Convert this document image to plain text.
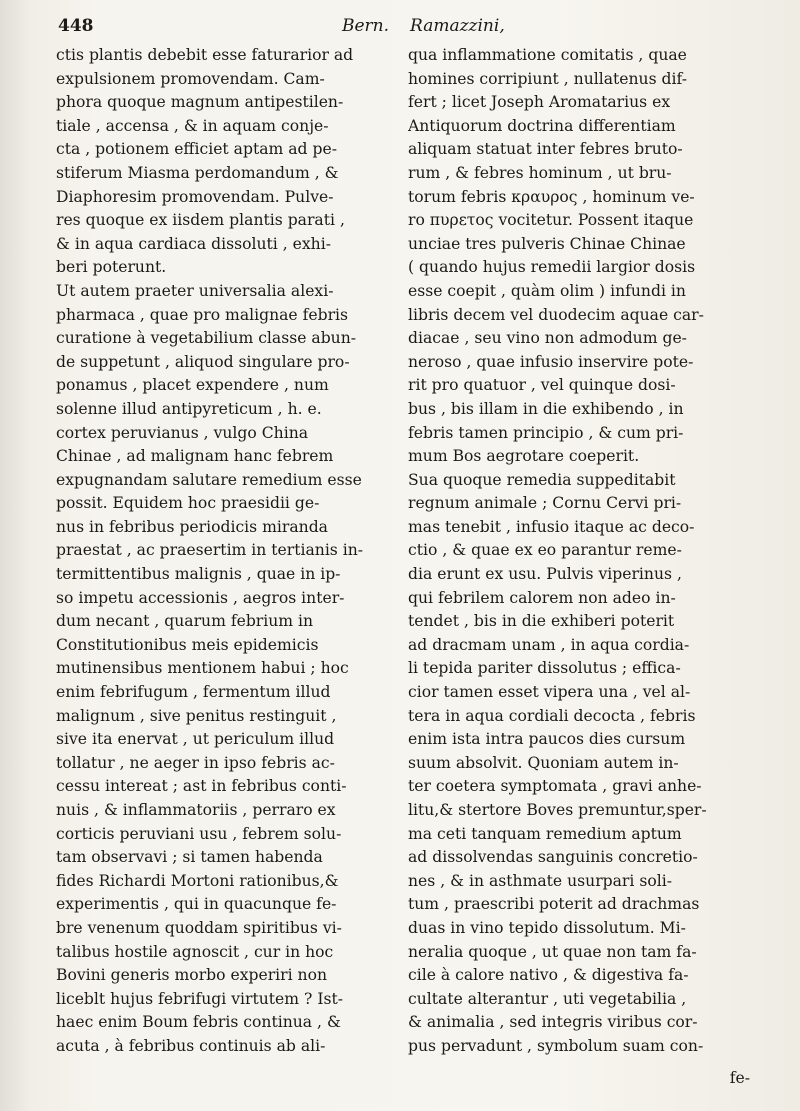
448	Bern. Ramazzini,
ctis plantis debebit esse faturarior ad
expulsionem promovendam. Cam-
phora quoque magnum antipestilen-
tiale , accensa , & in aquam conje-
cta , potionem efficiet aptam ad pe-
stiferum Miasma perdomandum , &
Diaphoresim promovendam. Pulve-
res quoque ex iisdem plantis parati ,
& in aqua cardiaca dissoluti , exhi-
beri poterunt.
Ut autem praeter universalia alexi-
pharmaca , quae pro malignae febris
curatione à vegetabilium classe abun-
de suppetunt , aliquod singulare pro-
ponamus , placet expendere , num
solenne illud antipyreticum , h. e.
cortex peruvianus , vulgo China
Chinae , ad malignam hanc febrem
expugnandam salutare remedium esse
possit. Equidem hoc praesidii ge-
nus in febribus periodicis miranda
praestat , ac praesertim in tertianis in-
termittentibus malignis , quae in ip-
so impetu accessionis , aegros inter-
dum necant , quarum febrium in
Constitutionibus meis epidemicis
mutinensibus mentionem habui ; hoc
enim febrifugum , fermentum illud
malignum , sive penitus restinguit ,
sive ita enervat , ut periculum illud
tollatur , ne aeger in ipso febris ac-
cessu intereat ; ast in febribus conti-
nuis , & inflammatoriis , perraro ex
corticis peruviani usu , febrem solu-
tam observavi ; si tamen habenda
fides Richardi Mortoni rationibus,&
experimentis , qui in quacunque fe-
bre venenum quoddam spiritibus vi-
talibus hostile agnoscit , cur in hoc
Bovini generis morbo experiri non
liceblt hujus febrifugi virtutem ? Ist-
haec enim Boum febris continua , &
acuta , à febribus continuis ab ali-
qua inflammatione comitatis , quae
homines corripiunt , nullatenus dif-
fert ; licet Joseph Aromatarius ex
Antiquorum doctrina differentiam
aliquam statuat inter febres bruto-
rum , & febres hominum , ut bru-
torum febris κραυρος , hominum ve-
ro πυρετος vocitetur. Possent itaque
unciae tres pulveris Chinae Chinae
( quando hujus remedii largior dosis
esse coepit , quàm olim ) infundi in
libris decem vel duodecim aquae car-
diacae , seu vino non admodum ge-
neroso , quae infusio inservire pote-
rit pro quatuor , vel quinque dosi-
bus , bis illam in die exhibendo , in
febris tamen principio , & cum pri-
mum Bos aegrotare coeperit.
Sua quoque remedia suppeditabit
regnum animale ; Cornu Cervi pri-
mas tenebit , infusio itaque ac deco-
ctio , & quae ex eo parantur reme-
dia erunt ex usu. Pulvis viperinus ,
qui febrilem calorem non adeo in-
tendet , bis in die exhiberi poterit
ad dracmam unam , in aqua cordia-
li tepida pariter dissolutus ; effica-
cior tamen esset vipera una , vel al-
tera in aqua cordiali decocta , febris
enim ista intra paucos dies cursum
suum absolvit. Quoniam autem in-
ter coetera symptomata , gravi anhe-
litu,& stertore Boves premuntur,sper-
ma ceti tanquam remedium aptum
ad dissolvendas sanguinis concretio-
nes , & in asthmate usurpari soli-
tum , praescribi poterit ad drachmas
duas in vino tepido dissolutum. Mi-
neralia quoque , ut quae non tam fa-
cile à calore nativo , & digestiva fa-
cultate alterantur , uti vegetabilia ,
& animalia , sed integris viribus cor-
pus pervadunt , symbolum suam con-
fe-
